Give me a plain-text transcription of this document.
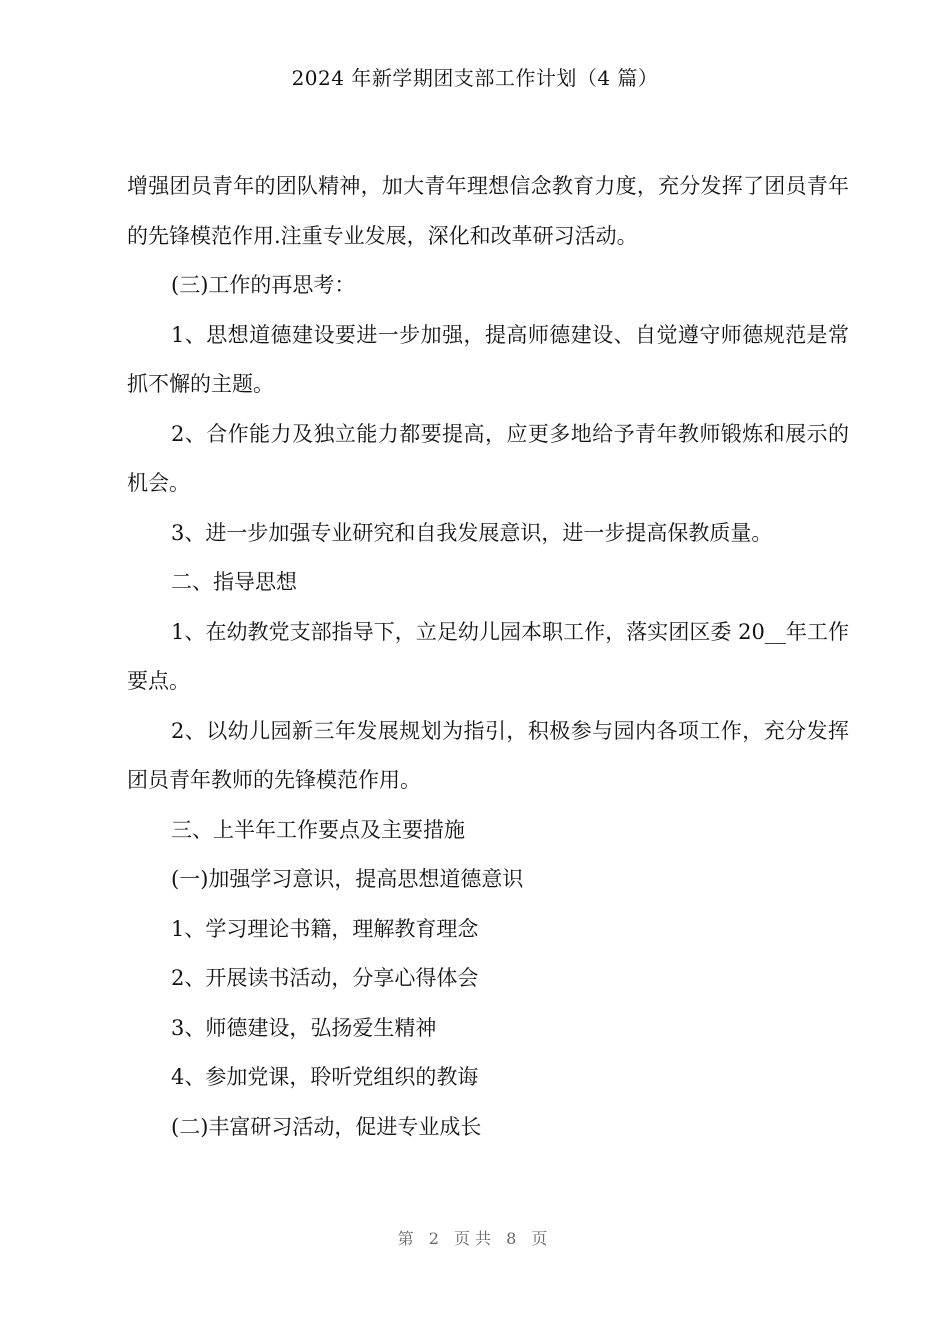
2024 年新学期团支部工作计划（4 篇）

增强团员青年的团队精神，加大青年理想信念教育力度，充分发挥了团员青年的先锋模范作用.注重专业发展，深化和改革研习活动。

(三)工作的再思考：

1、思想道德建设要进一步加强，提高师德建设、自觉遵守师德规范是常抓不懈的主题。

2、合作能力及独立能力都要提高，应更多地给予青年教师锻炼和展示的机会。

3、进一步加强专业研究和自我发展意识，进一步提高保教质量。

二、指导思想

1、在幼教党支部指导下，立足幼儿园本职工作，落实团区委 20__年工作要点。

2、以幼儿园新三年发展规划为指引，积极参与园内各项工作，充分发挥团员青年教师的先锋模范作用。

三、上半年工作要点及主要措施

(一)加强学习意识，提高思想道德意识

1、学习理论书籍，理解教育理念

2、开展读书活动，分享心得体会

3、师德建设，弘扬爱生精神

4、参加党课，聆听党组织的教诲

(二)丰富研习活动，促进专业成长

第 2 页共 8 页
